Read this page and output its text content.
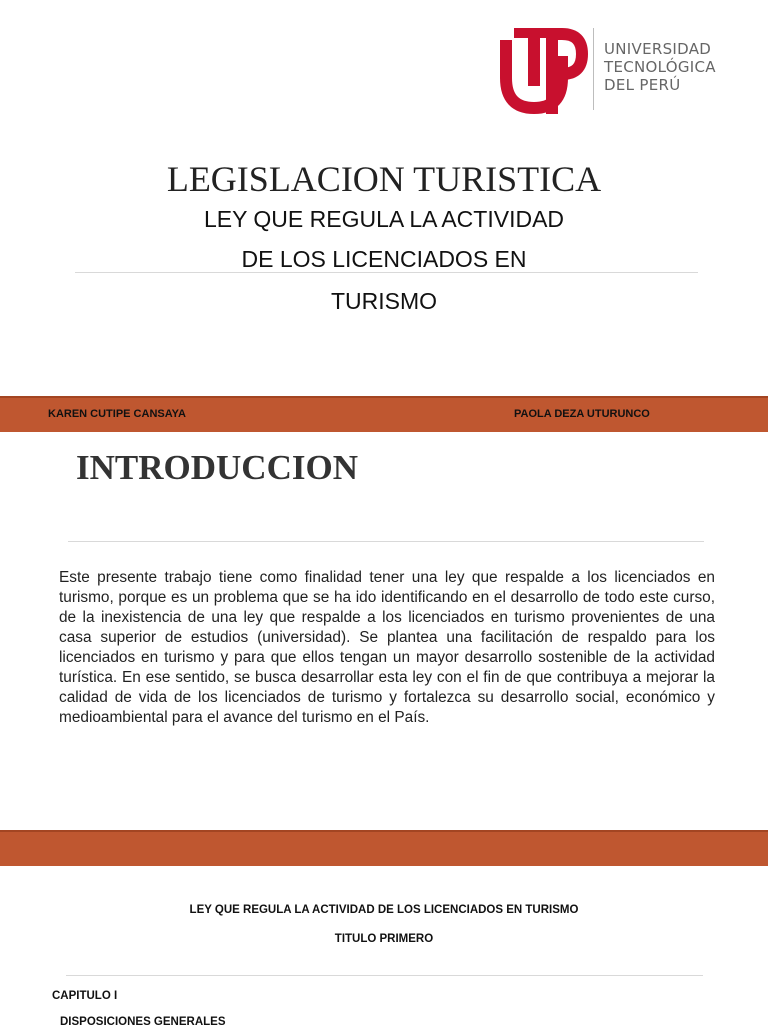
UNIVERSIDAD
TECNOLÓGICA
DEL PERÚ
LEGISLACION TURISTICA
LEY QUE REGULA LA ACTIVIDAD
DE LOS LICENCIADOS EN
TURISMO
KAREN CUTIPE CANSAYA	PAOLA DEZA UTURUNCO
INTRODUCCION
Este presente trabajo tiene como finalidad tener una ley que respalde a los licenciados en turismo, porque es un problema que se ha ido identificando en el desarrollo de todo este curso, de la inexistencia de una ley que respalde a los licenciados en turismo provenientes de una casa superior de estudios (universidad). Se plantea una facilitación de respaldo para los licenciados en turismo y para que ellos tengan un mayor desarrollo sostenible de la actividad turística. En ese sentido, se busca desarrollar esta ley con el fin de que contribuya a mejorar la calidad de vida de los licenciados de turismo y fortalezca su desarrollo social, económico y medioambiental para el avance del turismo en el País.
LEY QUE REGULA LA ACTIVIDAD DE LOS LICENCIADOS EN TURISMO
TITULO PRIMERO
CAPITULO I
DISPOSICIONES GENERALES
